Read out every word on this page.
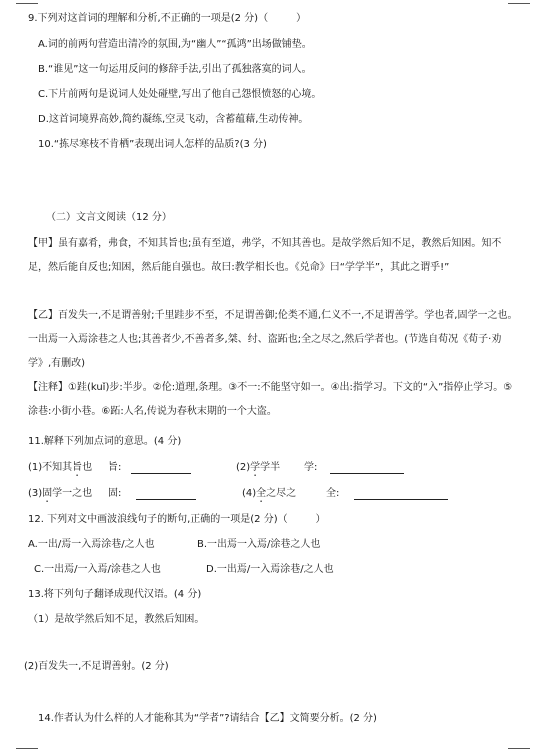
9.下列对这首词的理解和分析,不正确的一项是(2 分)（	）
A.词的前两句营造出清冷的氛围,为“幽人”“孤鸿”出场做铺垫。
B.“谁见”这一句运用反问的修辞手法,引出了孤独落寞的词人。
C.下片前两句是说词人处处碰壁,写出了他自己怨恨愤怒的心境。
D.这首词境界高妙,简约凝练,空灵飞动，含蓄蕴藉,生动传神。
10.“拣尽寒枝不肯栖”表现出词人怎样的品质?(3 分)
（二）文言文阅读（12 分）
【甲】虽有嘉肴，弗食，不知其旨也;虽有至道，弗学，不知其善也。是故学然后知不足，教然后知困。知不足，然后能自反也;知困，然后能自强也。故曰:教学相长也。《兑命》曰“学学半”，其此之谓乎!”
【乙】百发失一,不足谓善射;千里跬步不至，不足谓善御;伦类不通,仁义不一,不足谓善学。学也者,固学一之也。一出焉一入焉涂巷之人也;其善者少,不善者多,桀、纣、盗跖也;全之尽之,然后学者也。(节选自荀况《荀子·劝学》,有删改)
【注释】①跬(kuǐ)步:半步。②伦:道理,条理。③不一:不能坚守如一。④出:指学习。下文的“入”指停止学习。⑤涂巷:小街小巷。⑥跖:人名,传说为春秋末期的一个大盗。
11.解释下列加点词的意思。(4 分)
(1)不知其旨也 旨:	(2)学学半 学:
(3)固学一之也 固:	(4)全之尽之	全:
12. 下列对文中画波浪线句子的断句,正确的一项是(2 分)（	）
A.一出/焉一入焉涂巷/之人也	B.一出焉一入焉/涂巷之人也
C.一出焉/一入焉/涂巷之人也	D.一出焉/一入焉涂巷/之人也
13.将下列句子翻译成现代汉语。(4 分)
（1）是故学然后知不足，教然后知困。
(2)百发失一,不足谓善射。(2 分)
14.作者认为什么样的人才能称其为“学者”?请结合【乙】文简要分析。(2 分)
